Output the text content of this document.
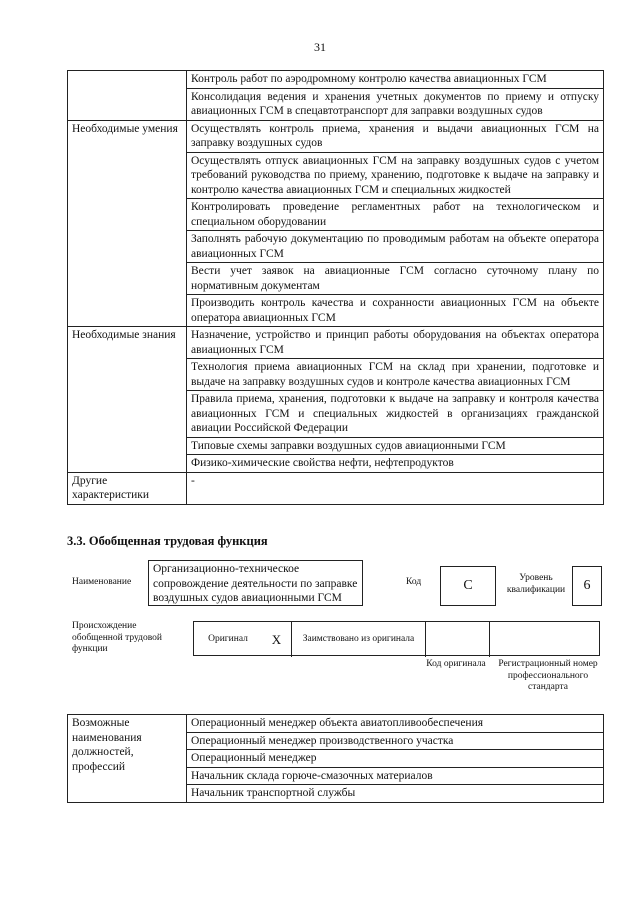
31
	Контроль работ по аэродромному контролю качества авиационных ГСМ
	Консолидация ведения и хранения учетных документов по приему и отпуску авиационных ГСМ в спецавтотранспорт для заправки воздушных судов
Необходимые умения	Осуществлять контроль приема, хранения и выдачи авиационных ГСМ на заправку воздушных судов
	Осуществлять отпуск авиационных ГСМ на заправку воздушных судов с учетом требований руководства по приему, хранению, подготовке к выдаче на заправку и контролю качества авиационных ГСМ и специальных жидкостей
	Контролировать проведение регламентных работ на технологическом и специальном оборудовании
	Заполнять рабочую документацию по проводимым работам на объекте оператора авиационных ГСМ
	Вести учет заявок на авиационные ГСМ согласно суточному плану по нормативным документам
	Производить контроль качества и сохранности авиационных ГСМ на объекте оператора авиационных ГСМ
Необходимые знания	Назначение, устройство и принцип работы оборудования на объектах оператора авиационных ГСМ
	Технология приема авиационных ГСМ на склад при хранении, подготовке и выдаче на заправку воздушных судов и контроле качества авиационных ГСМ
	Правила приема, хранения, подготовки к выдаче на заправку и контроля качества авиационных ГСМ и специальных жидкостей в организациях гражданской авиации Российской Федерации
	Типовые схемы заправки воздушных судов авиационными ГСМ
	Физико-химические свойства нефти, нефтепродуктов
Другие характеристики	-
3.3. Обобщенная трудовая функция
Наименование
Организационно-техническое сопровождение деятельности по заправке воздушных судов авиационными ГСМ
Код	C	Уровень квалификации	6
Происхождение обобщенной трудовой функции
Оригинал	X	Заимствовано из оригинала
Код оригинала	Регистрационный номер профессионального стандарта
Возможные наименования должностей, профессий	Операционный менеджер объекта авиатопливообеспечения
Операционный менеджер производственного участка
Операционный менеджер
Начальник склада горюче-смазочных материалов
Начальник транспортной службы
